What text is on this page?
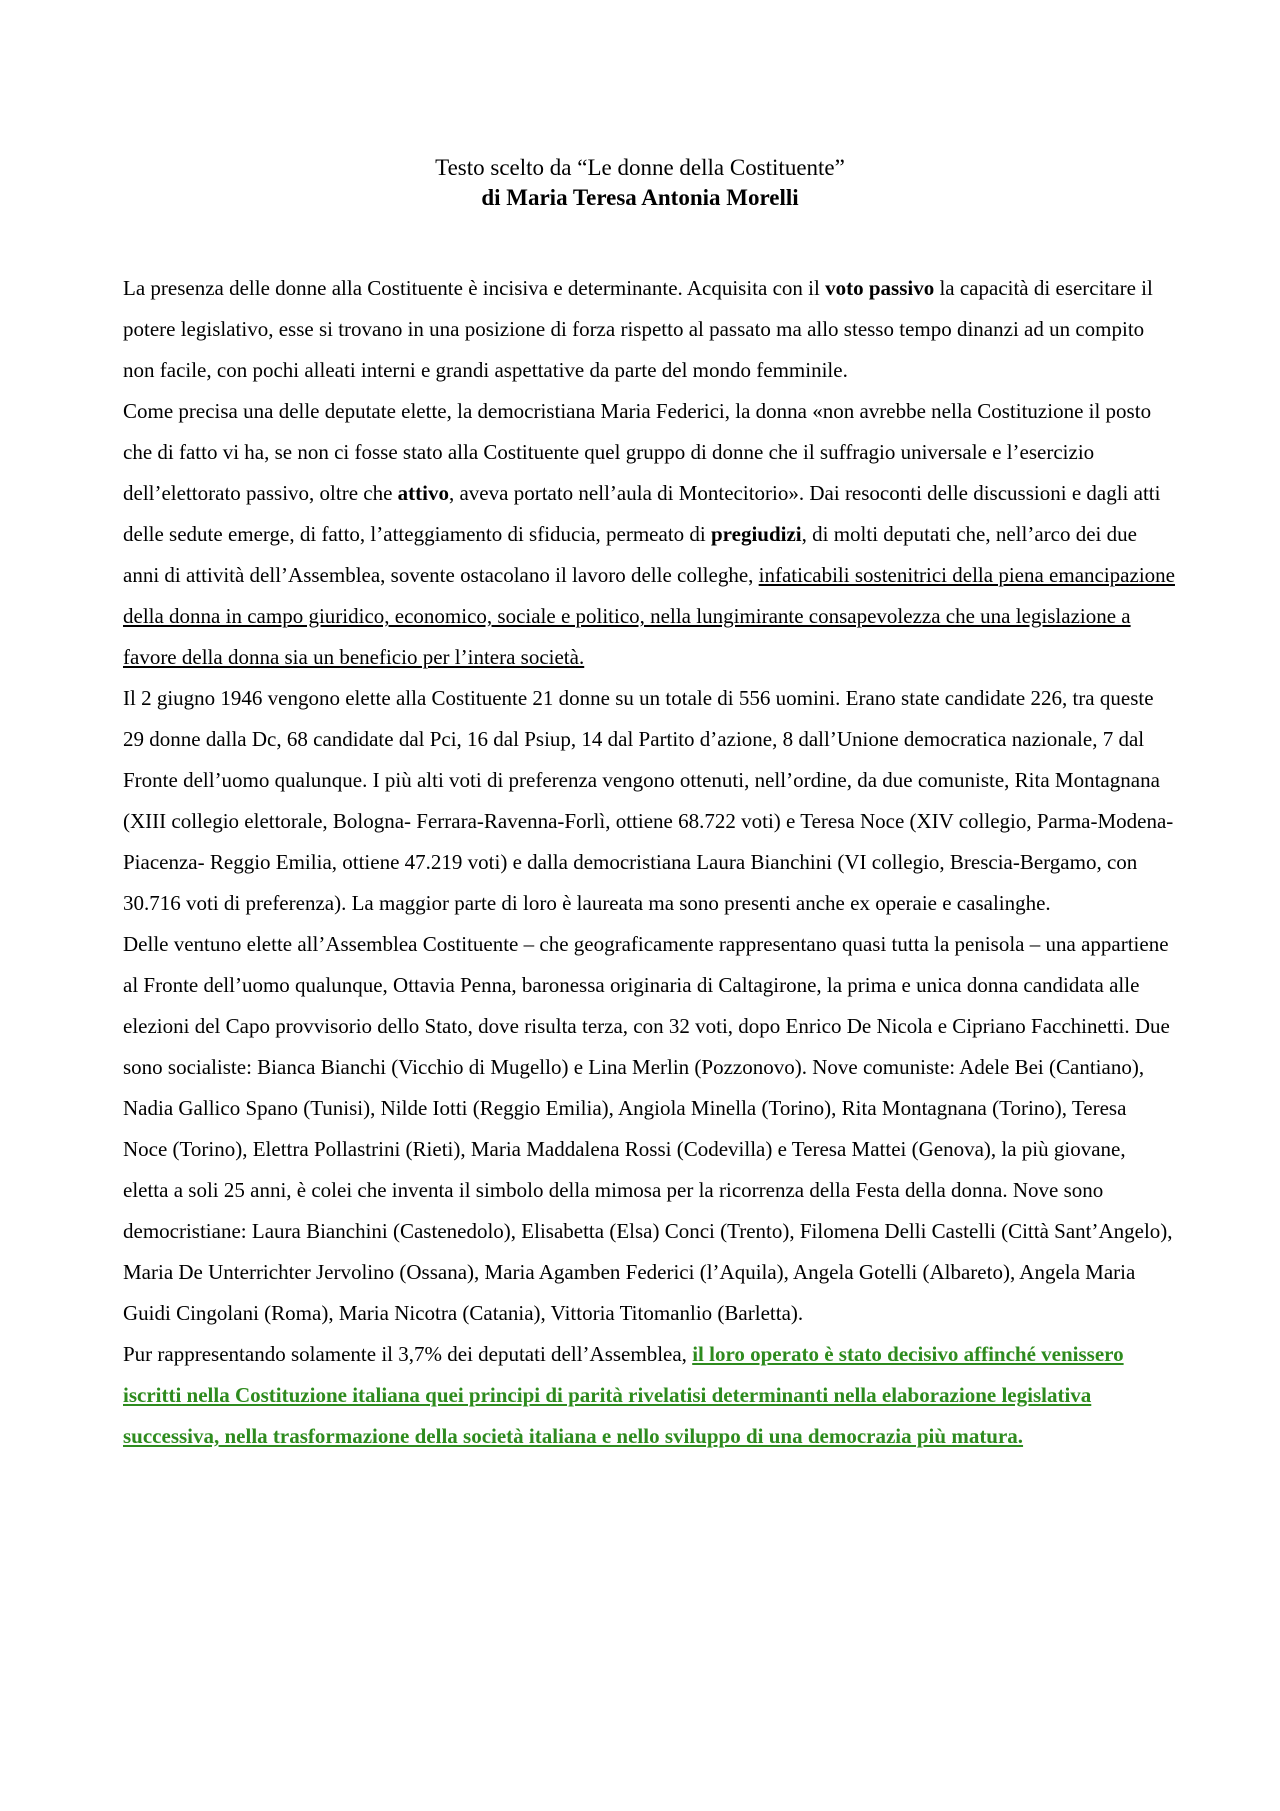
Testo scelto da “Le donne della Costituente”
di Maria Teresa Antonia Morelli

La presenza delle donne alla Costituente è incisiva e determinante. Acquisita con il voto passivo la capacità di esercitare il potere legislativo, esse si trovano in una posizione di forza rispetto al passato ma allo stesso tempo dinanzi ad un compito non facile, con pochi alleati interni e grandi aspettative da parte del mondo femminile.

Come precisa una delle deputate elette, la democristiana Maria Federici, la donna «non avrebbe nella Costituzione il posto che di fatto vi ha, se non ci fosse stato alla Costituente quel gruppo di donne che il suffragio universale e l’esercizio dell’elettorato passivo, oltre che attivo, aveva portato nell’aula di Montecitorio». Dai resoconti delle discussioni e dagli atti delle sedute emerge, di fatto, l’atteggiamento di sfiducia, permeato di pregiudizi, di molti deputati che, nell’arco dei due anni di attività dell’Assemblea, sovente ostacolano il lavoro delle colleghe, infaticabili sostenitrici della piena emancipazione della donna in campo giuridico, economico, sociale e politico, nella lungimirante consapevolezza che una legislazione a favore della donna sia un beneficio per l’intera società.

Il 2 giugno 1946 vengono elette alla Costituente 21 donne su un totale di 556 uomini. Erano state candidate 226, tra queste 29 donne dalla Dc, 68 candidate dal Pci, 16 dal Psiup, 14 dal Partito d’azione, 8 dall’Unione democratica nazionale, 7 dal Fronte dell’uomo qualunque. I più alti voti di preferenza vengono ottenuti, nell’ordine, da due comuniste, Rita Montagnana (XIII collegio elettorale, Bologna- Ferrara-Ravenna-Forlì, ottiene 68.722 voti) e Teresa Noce (XIV collegio, Parma-Modena-Piacenza- Reggio Emilia, ottiene 47.219 voti) e dalla democristiana Laura Bianchini (VI collegio, Brescia-Bergamo, con 30.716 voti di preferenza). La maggior parte di loro è laureata ma sono presenti anche ex operaie e casalinghe.

Delle ventuno elette all’Assemblea Costituente – che geograficamente rappresentano quasi tutta la penisola – una appartiene al Fronte dell’uomo qualunque, Ottavia Penna, baronessa originaria di Caltagirone, la prima e unica donna candidata alle elezioni del Capo provvisorio dello Stato, dove risulta terza, con 32 voti, dopo Enrico De Nicola e Cipriano Facchinetti. Due sono socialiste: Bianca Bianchi (Vicchio di Mugello) e Lina Merlin (Pozzonovo). Nove comuniste: Adele Bei (Cantiano), Nadia Gallico Spano (Tunisi), Nilde Iotti (Reggio Emilia), Angiola Minella (Torino), Rita Montagnana (Torino), Teresa Noce (Torino), Elettra Pollastrini (Rieti), Maria Maddalena Rossi (Codevilla) e Teresa Mattei (Genova), la più giovane, eletta a soli 25 anni, è colei che inventa il simbolo della mimosa per la ricorrenza della Festa della donna. Nove sono democristiane: Laura Bianchini (Castenedolo), Elisabetta (Elsa) Conci (Trento), Filomena Delli Castelli (Città Sant’Angelo), Maria De Unterrichter Jervolino (Ossana), Maria Agamben Federici (l’Aquila), Angela Gotelli (Albareto), Angela Maria Guidi Cingolani (Roma), Maria Nicotra (Catania), Vittoria Titomanlio (Barletta).

Pur rappresentando solamente il 3,7% dei deputati dell’Assemblea, il loro operato è stato decisivo affinché venissero iscritti nella Costituzione italiana quei principi di parità rivelatisi determinanti nella elaborazione legislativa successiva, nella trasformazione della società italiana e nello sviluppo di una democrazia più matura.
